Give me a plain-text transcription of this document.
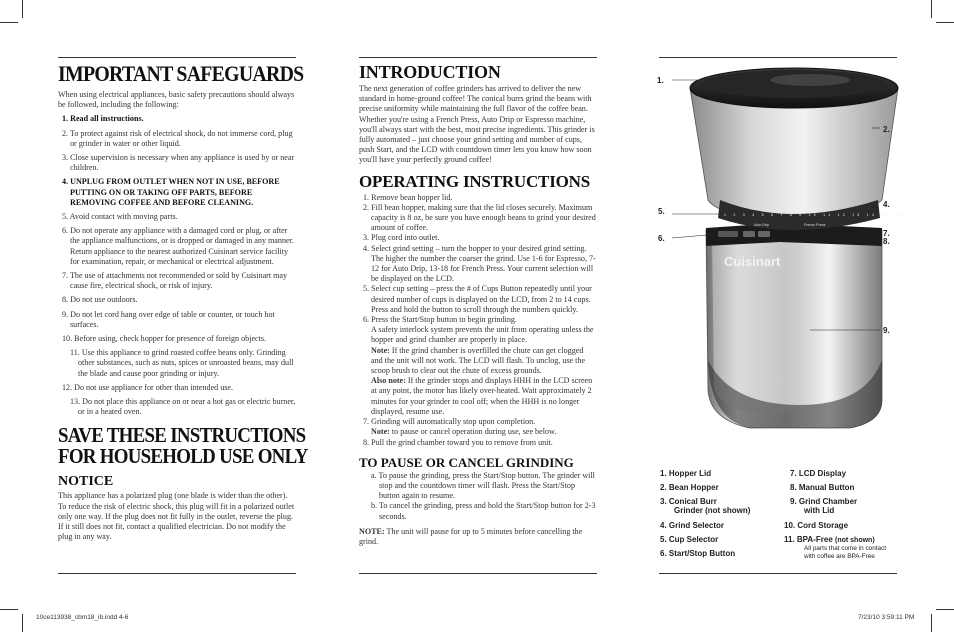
IMPORTANT SAFEGUARDS
When using electrical appliances, basic safety precautions should always be followed, including the following:
1. Read all instructions.
2. To protect against risk of electrical shock, do not immerse cord, plug or grinder in water or other liquid.
3. Close supervision is necessary when any appliance is used by or near children.
4. UNPLUG FROM OUTLET WHEN NOT IN USE, BEFORE PUTTING ON OR TAKING OFF PARTS, BEFORE REMOVING COFFEE AND BEFORE CLEANING.
5. Avoid contact with moving parts.
6. Do not operate any appliance with a damaged cord or plug, or after the appliance malfunctions, or is dropped or damaged in any manner. Return appliance to the nearest authorized Cuisinart service facility for examination, repair, or mechanical or electrical adjustment.
7. The use of attachments not recommended or sold by Cuisinart may cause fire, electrical shock, or risk of injury.
8. Do not use outdoors.
9. Do not let cord hang over edge of table or counter, or touch hot surfaces.
10. Before using, check hopper for presence of foreign objects.
11. Use this appliance to grind roasted coffee beans only. Grinding other substances, such as nuts, spices or unroasted beans, may dull the blade and cause poor grinding or injury.
12. Do not use appliance for other than intended use.
13. Do not place this appliance on or near a hot gas or electric burner, or in a heated oven.
SAVE THESE INSTRUCTIONS
FOR HOUSEHOLD USE ONLY
NOTICE
This appliance has a polarized plug (one blade is wider than the other). To reduce the risk of electric shock, this plug will fit in a polarized outlet only one way. If the plug does not fit fully in the outlet, reverse the plug. If it still does not fit, contact a qualified electrician. Do not modify the plug in any way.
INTRODUCTION
The next generation of coffee grinders has arrived to deliver the new standard in home-ground coffee! The conical burrs grind the beans with precise uniformity while maintaining the full flavor of the coffee bean. Whether you're using a French Press, Auto Drip or Espresso machine, you'll always start with the best, most precise ingredients. This grinder is fully automated – just choose your grind setting and number of cups, push Start, and the LCD with countdown timer lets you know how soon you'll have your perfectly ground coffee!
OPERATING INSTRUCTIONS
1. Remove bean hopper lid.
2. Fill bean hopper, making sure that the lid closes securely. Maximum capacity is 8 oz, be sure you have enough beans to grind your desired amount of coffee.
3. Plug cord into outlet.
4. Select grind setting – turn the hopper to your desired grind setting. The higher the number the coarser the grind. Use 1-6 for Espresso, 7-12 for Auto Drip, 13-18 for French Press. Your current selection will be displayed on the LCD.
5. Select cup setting – press the # of Cups Button repeatedly until your desired number of cups is displayed on the LCD, from 2 to 14 cups. Press and hold the button to scroll through the numbers quickly.
6. Press the Start/Stop button to begin grinding.
A safety interlock system prevents the unit from operating unless the hopper and grind chamber are properly in place.
Note: If the grind chamber is overfilled the chute can get clogged and the unit will not work. The LCD will flash. To unclog, use the scoop brush to clear out the chute of excess grounds.
Also note: If the grinder stops and displays HHH in the LCD screen at any point, the motor has likely over-heated. Wait approximately 2 minutes for your grinder to cool off; when the HHH is no longer displayed, resume use.
7. Grinding will automatically stop upon completion.
Note: to pause or cancel operation during use, see below.
8. Pull the grind chamber toward you to remove from unit.
TO PAUSE OR CANCEL GRINDING
a. To pause the grinding, press the Start/Stop button. The grinder will stop and the countdown timer will flash. Press the Start/Stop button again to resume.
b. To cancel the grinding, press and hold the Start/Stop button for 2-3 seconds.
NOTE: The unit will pause for up to 5 minutes before cancelling the grind.
Cuisinart
1 2 3 4 5 6 7 8 9 10 11 12 13 14 15 16 17 18
Auto Drip	French Press
1.
2.
4.
5.
6.
7.
8.
9.
1. Hopper Lid
2. Bean Hopper
3. Conical Burr
Grinder (not shown)
4. Grind Selector
5. Cup Selector
6. Start/Stop Button
7. LCD Display
8. Manual Button
9. Grind Chamber
with Lid
10. Cord Storage
11. BPA-Free (not shown)
All parts that come in contact
with coffee are BPA-Free
10ce113938_cbm18_ib.indd 4-6	7/23/10 3:59:11 PM
